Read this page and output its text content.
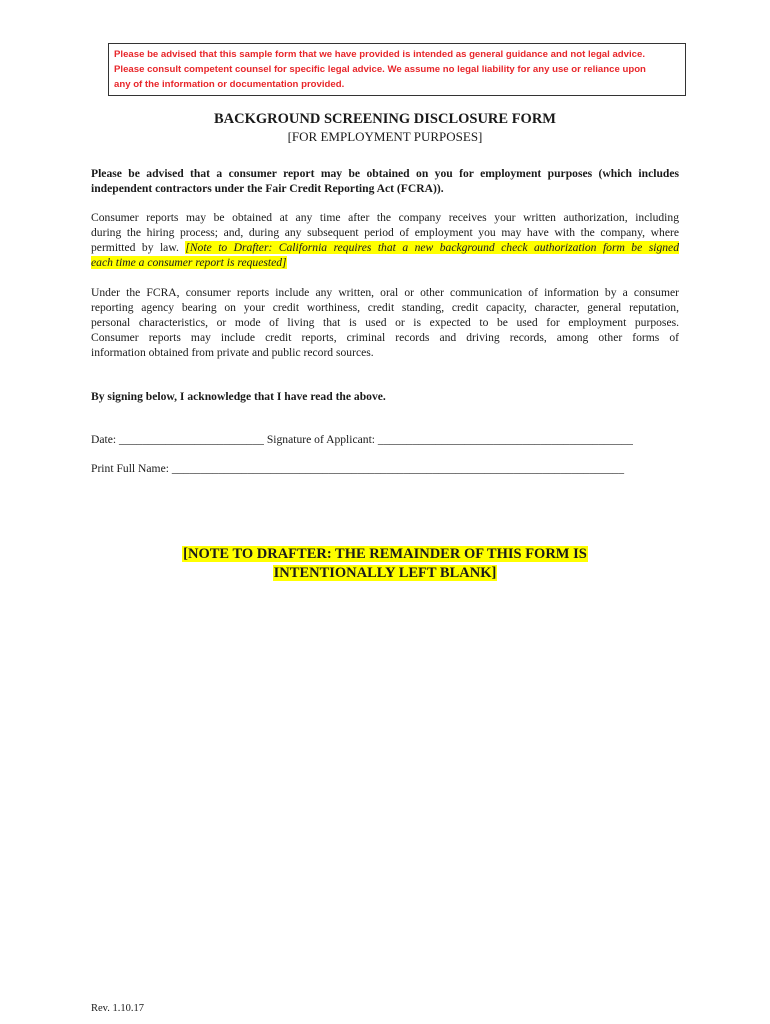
Please be advised that this sample form that we have provided is intended as general guidance and not legal advice.
Please consult competent counsel for specific legal advice. We assume no legal liability for any use or reliance upon
any of the information or documentation provided.
BACKGROUND SCREENING DISCLOSURE FORM
[FOR EMPLOYMENT PURPOSES]
Please be advised that a consumer report may be obtained on you for employment purposes (which includes
independent contractors under the Fair Credit Reporting Act (FCRA)).
Consumer reports may be obtained at any time after the company receives your written authorization, including
during the hiring process; and, during any subsequent period of employment you may have with the company, where
permitted by law. [Note to Drafter: California requires that a new background check authorization form be signed
each time a consumer report is requested]
Under the FCRA, consumer reports include any written, oral or other communication of information by a consumer
reporting agency bearing on your credit worthiness, credit standing, credit capacity, character, general reputation,
personal characteristics, or mode of living that is used or is expected to be used for employment purposes.
Consumer reports may include credit reports, criminal records and driving records, among other forms of
information obtained from private and public record sources.
By signing below, I acknowledge that I have read the above.
Date: _________________________ Signature of Applicant: ____________________________________________
Print Full Name: ______________________________________________________________________________
[NOTE TO DRAFTER: THE REMAINDER OF THIS FORM IS
INTENTIONALLY LEFT BLANK]
Rev. 1.10.17
